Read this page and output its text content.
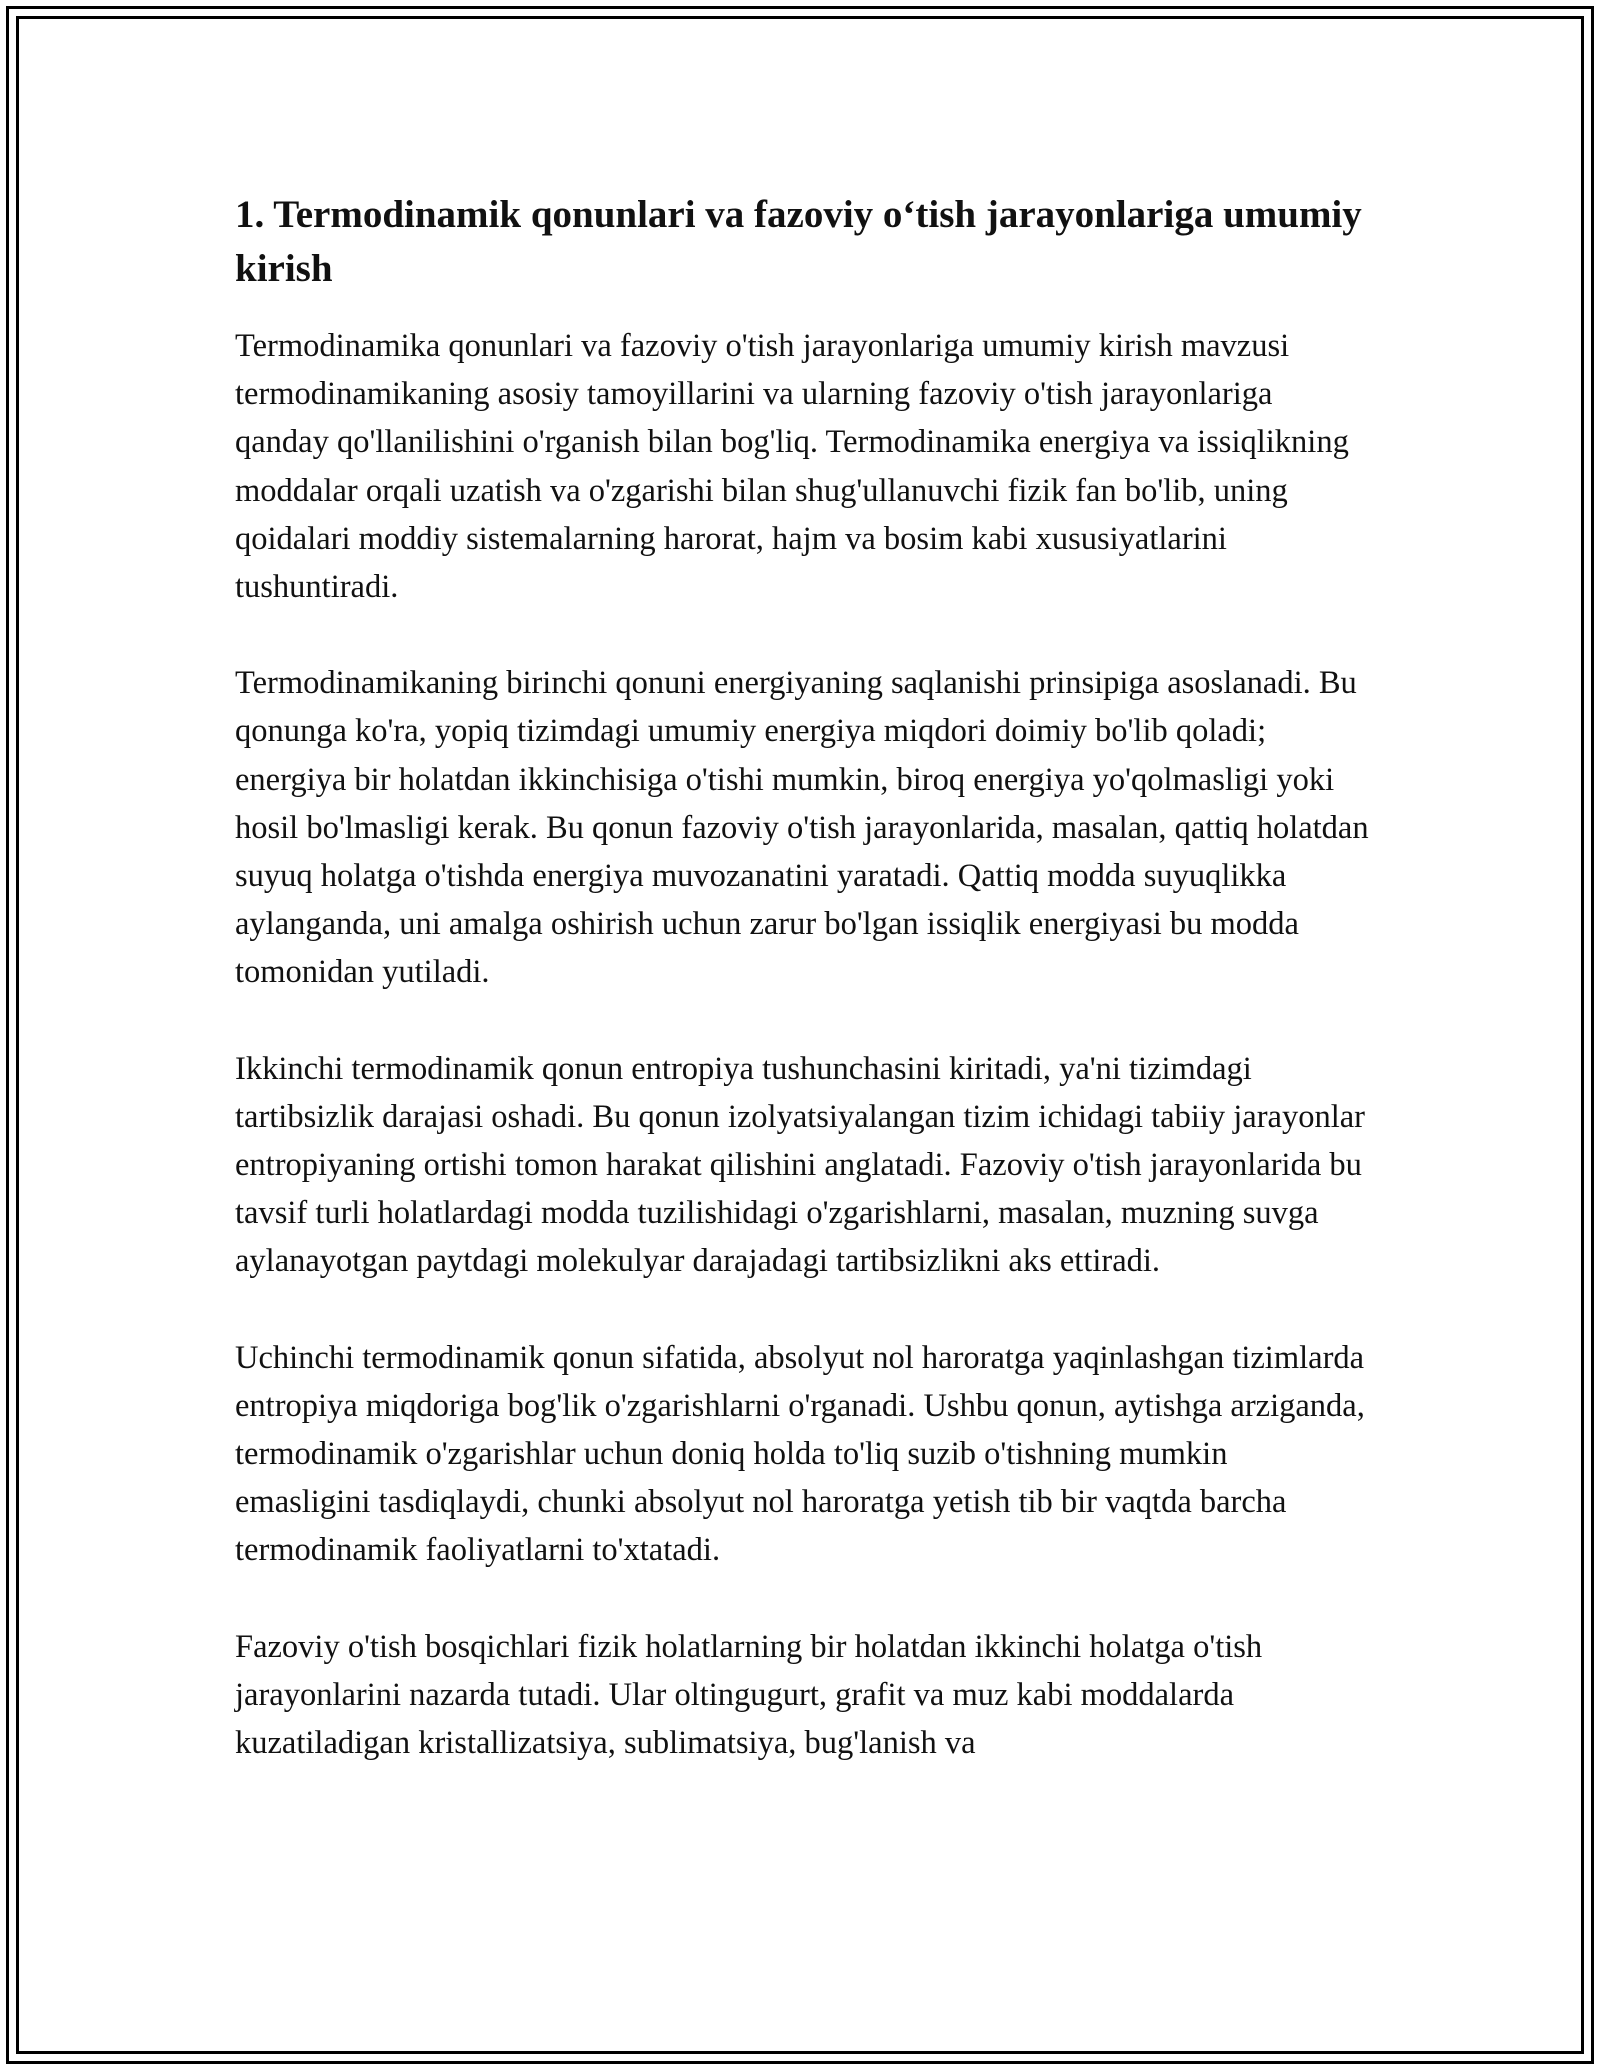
1. Termodinamik qonunlari va fazoviy o‘tish jarayonlariga umumiy kirish

Termodinamika qonunlari va fazoviy o'tish jarayonlariga umumiy kirish mavzusi termodinamikaning asosiy tamoyillarini va ularning fazoviy o'tish jarayonlariga qanday qo'llanilishini o'rganish bilan bog'liq. Termodinamika energiya va issiqlikning moddalar orqali uzatish va o'zgarishi bilan shug'ullanuvchi fizik fan bo'lib, uning qoidalari moddiy sistemalarning harorat, hajm va bosim kabi xususiyatlarini tushuntiradi.

Termodinamikaning birinchi qonuni energiyaning saqlanishi prinsipiga asoslanadi. Bu qonunga ko'ra, yopiq tizimdagi umumiy energiya miqdori doimiy bo'lib qoladi; energiya bir holatdan ikkinchisiga o'tishi mumkin, biroq energiya yo'qolmasligi yoki hosil bo'lmasligi kerak. Bu qonun fazoviy o'tish jarayonlarida, masalan, qattiq holatdan suyuq holatga o'tishda energiya muvozanatini yaratadi. Qattiq modda suyuqlikka aylanganda, uni amalga oshirish uchun zarur bo'lgan issiqlik energiyasi bu modda tomonidan yutiladi.

Ikkinchi termodinamik qonun entropiya tushunchasini kiritadi, ya'ni tizimdagi tartibsizlik darajasi oshadi. Bu qonun izolyatsiyalangan tizim ichidagi tabiiy jarayonlar entropiyaning ortishi tomon harakat qilishini anglatadi. Fazoviy o'tish jarayonlarida bu tavsif turli holatlardagi modda tuzilishidagi o'zgarishlarni, masalan, muzning suvga aylanayotgan paytdagi molekulyar darajadagi tartibsizlikni aks ettiradi.

Uchinchi termodinamik qonun sifatida, absolyut nol haroratga yaqinlashgan tizimlarda entropiya miqdoriga bog'lik o'zgarishlarni o'rganadi. Ushbu qonun, aytishga arziganda, termodinamik o'zgarishlar uchun doniq holda to'liq suzib o'tishning mumkin emasligini tasdiqlaydi, chunki absolyut nol haroratga yetish tib bir vaqtda barcha termodinamik faoliyatlarni to'xtatadi.

Fazoviy o'tish bosqichlari fizik holatlarning bir holatdan ikkinchi holatga o'tish jarayonlarini nazarda tutadi. Ular oltingugurt, grafit va muz kabi moddalarda kuzatiladigan kristallizatsiya, sublimatsiya, bug'lanish va
